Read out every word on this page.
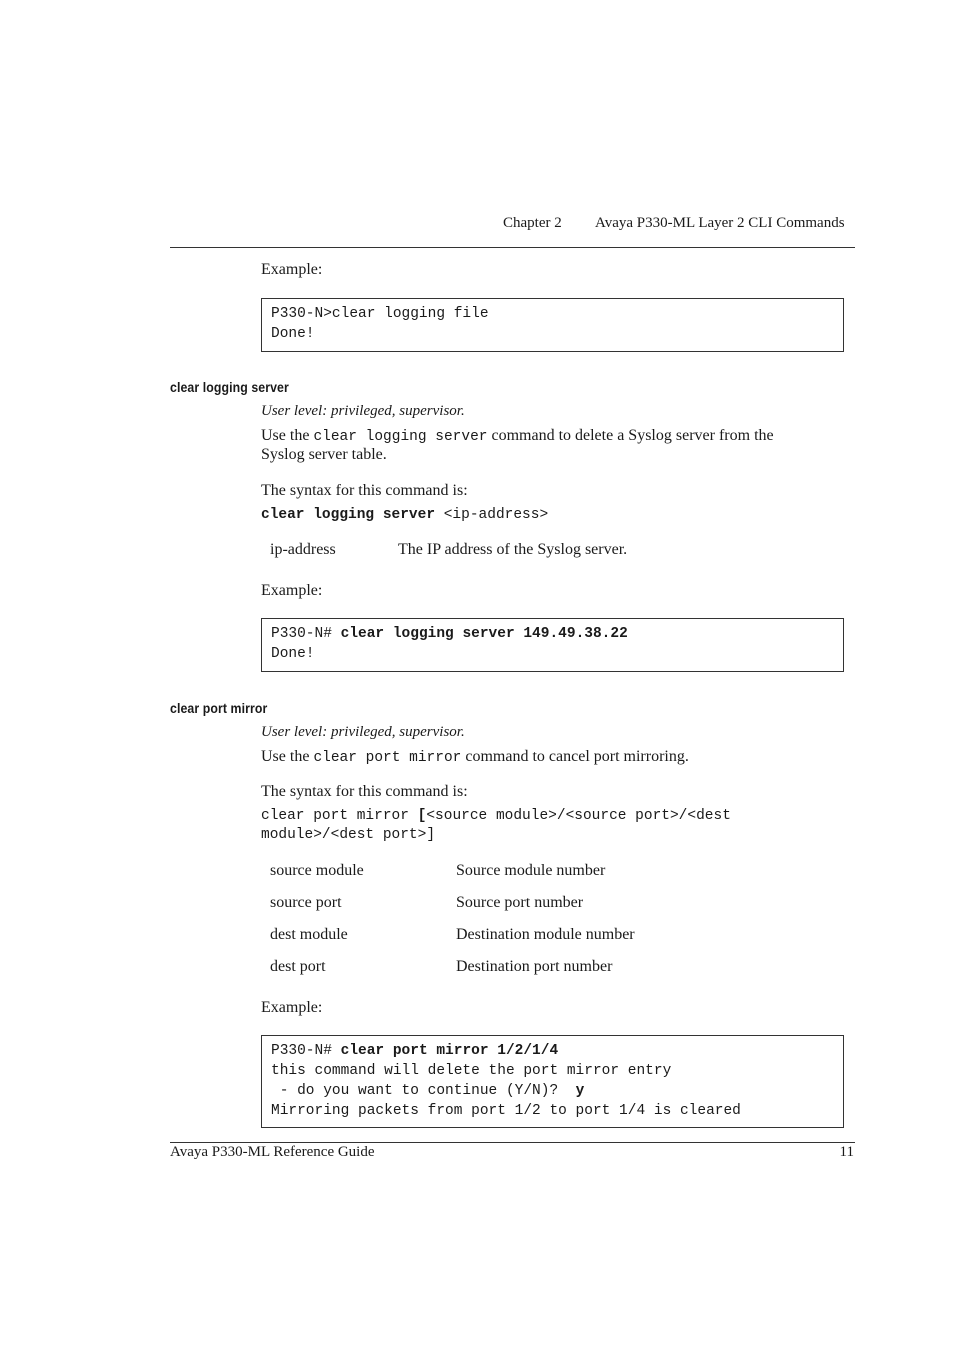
Chapter 2 Avaya P330-ML Layer 2 CLI Commands
Example:
P330-N>clear logging file
Done!
clear logging server
User level: privileged, supervisor.
Use the clear logging server command to delete a Syslog server from the
Syslog server table.
The syntax for this command is:
clear logging server <ip-address>
ip-address	The IP address of the Syslog server.
Example:
P330-N# clear logging server 149.49.38.22
Done!
clear port mirror
User level: privileged, supervisor.
Use the clear port mirror command to cancel port mirroring.
The syntax for this command is:
clear port mirror [<source module>/<source port>/<dest
module>/<dest port>]
source module	Source module number
source port	Source port number
dest module	Destination module number
dest port	Destination port number
Example:
P330-N# clear port mirror 1/2/1/4
this command will delete the port mirror entry
- do you want to continue (Y/N)?  y
Mirroring packets from port 1/2 to port 1/4 is cleared
Avaya P330-ML Reference Guide	11
